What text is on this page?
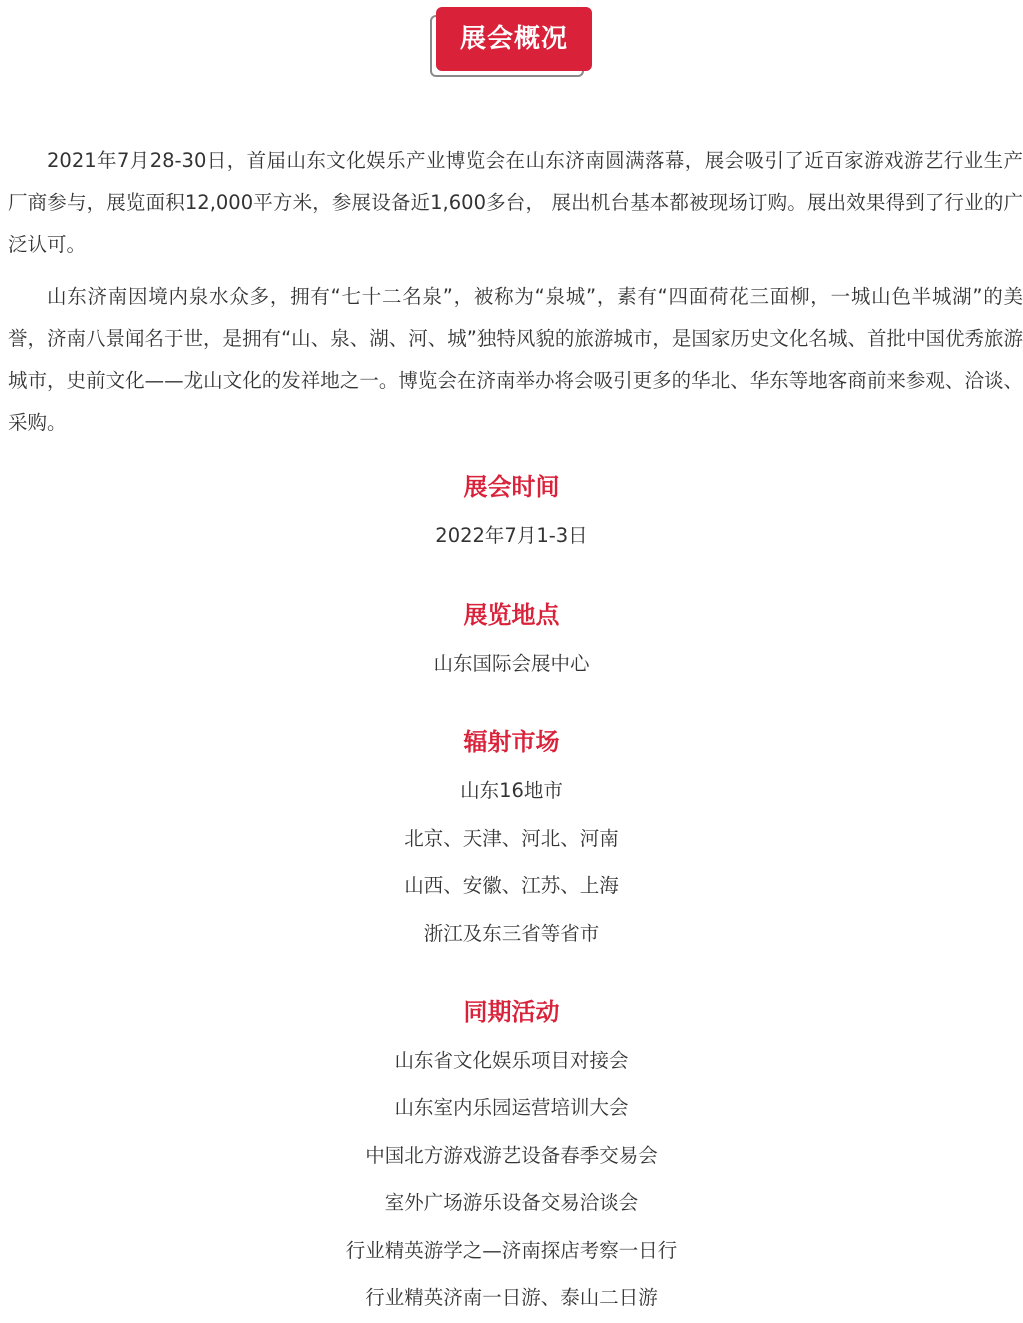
展会概况

2021年7月28-30日，首届山东文化娱乐产业博览会在山东济南圆满落幕，展会吸引了近百家游戏游艺行业生产厂商参与，展览面积12,000平方米，参展设备近1,600多台， 展出机台基本都被现场订购。展出效果得到了行业的广泛认可。

山东济南因境内泉水众多，拥有“七十二名泉”，被称为“泉城”，素有“四面荷花三面柳，一城山色半城湖”的美誉，济南八景闻名于世，是拥有“山、泉、湖、河、城”独特风貌的旅游城市，是国家历史文化名城、首批中国优秀旅游城市，史前文化——龙山文化的发祥地之一。博览会在济南举办将会吸引更多的华北、华东等地客商前来参观、洽谈、采购。

展会时间
2022年7月1-3日
展览地点
山东国际会展中心
辐射市场
山东16地市
北京、天津、河北、河南
山西、安徽、江苏、上海
浙江及东三省等省市
同期活动
山东省文化娱乐项目对接会
山东室内乐园运营培训大会
中国北方游戏游艺设备春季交易会
室外广场游乐设备交易洽谈会
行业精英游学之—济南探店考察一日行
行业精英济南一日游、泰山二日游
